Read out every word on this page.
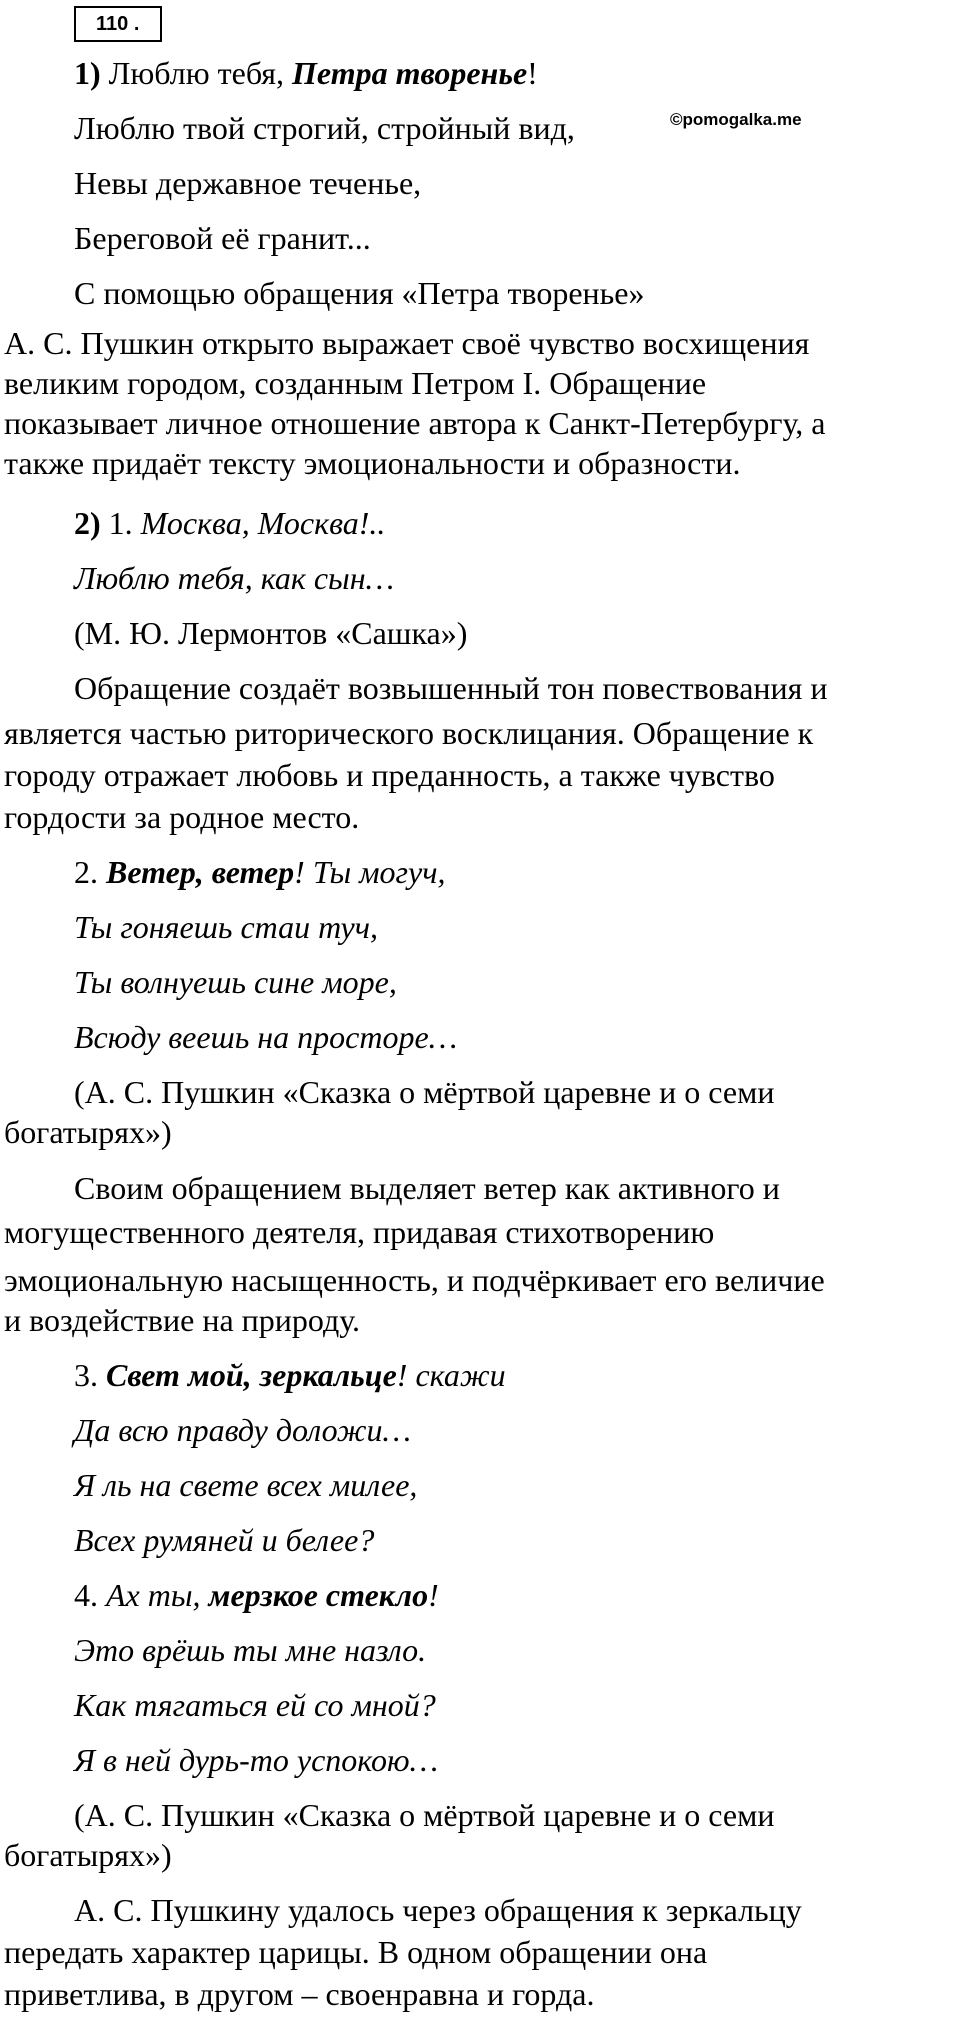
110 .
1) Люблю тебя, Петра творенье!
Люблю твой строгий, стройный вид,	©pomogalka.me
Невы державное теченье,
Береговой её гранит...
С помощью обращения «Петра творенье»
А. С. Пушкин открыто выражает своё чувство восхищения
великим городом, созданным Петром I. Обращение
показывает личное отношение автора к Санкт-Петербургу, а
также придаёт тексту эмоциональности и образности.
2) 1. Москва, Москва!..
Люблю тебя, как сын…
(М. Ю. Лермонтов «Сашка»)
Обращение создаёт возвышенный тон повествования и
является частью риторического восклицания. Обращение к
городу отражает любовь и преданность, а также чувство
гордости за родное место.
2. Ветер, ветер! Ты могуч,
Ты гоняешь стаи туч,
Ты волнуешь сине море,
Всюду веешь на просторе…
(А. С. Пушкин «Сказка о мёртвой царевне и о семи
богатырях»)
Своим обращением выделяет ветер как активного и
могущественного деятеля, придавая стихотворению
эмоциональную насыщенность, и подчёркивает его величие
и воздействие на природу.
3. Свет мой, зеркальце! скажи
Да всю правду доложи…
Я ль на свете всех милее,
Всех румяней и белее?
4. Ах ты, мерзкое стекло!
Это врёшь ты мне назло.
Как тягаться ей со мной?
Я в ней дурь-то успокою…
(А. С. Пушкин «Сказка о мёртвой царевне и о семи
богатырях»)
А. С. Пушкину удалось через обращения к зеркальцу
передать характер царицы. В одном обращении она
приветлива, в другом – своенравна и горда.
